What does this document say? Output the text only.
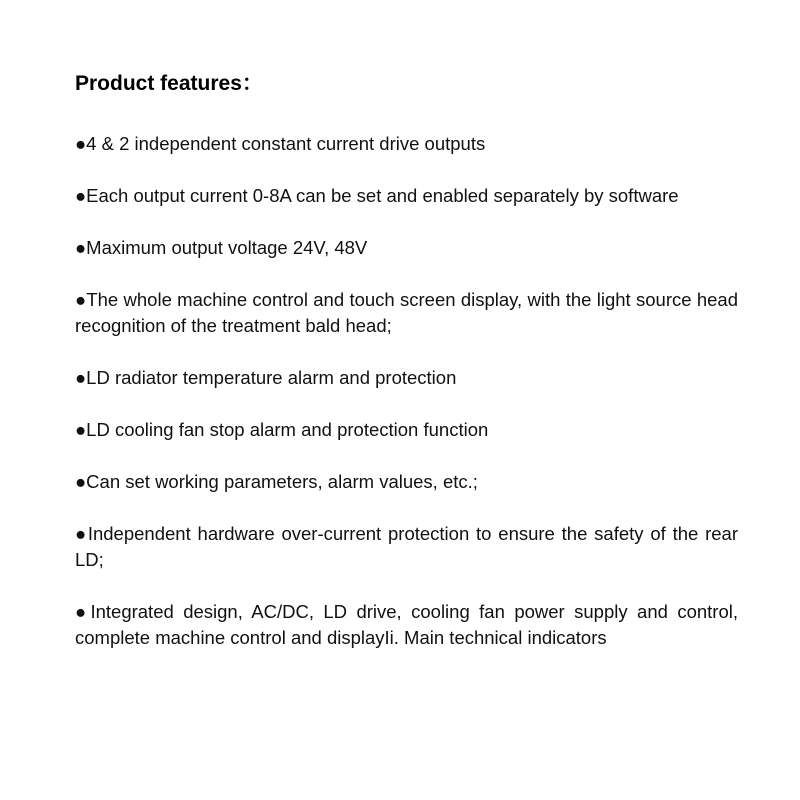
Product features：
●4 & 2 independent constant current drive outputs
●Each output current 0-8A can be set and enabled separately by software
●Maximum output voltage 24V, 48V
●The whole machine control and touch screen display, with the light source head recognition of the treatment bald head;
●LD radiator temperature alarm and protection
●LD cooling fan stop alarm and protection function
●Can set working parameters, alarm values, etc.;
●Independent hardware over-current protection to ensure the safety of the rear LD;
●Integrated design, AC/DC, LD drive, cooling fan power supply and control, complete machine control and displayIi. Main technical indicators
